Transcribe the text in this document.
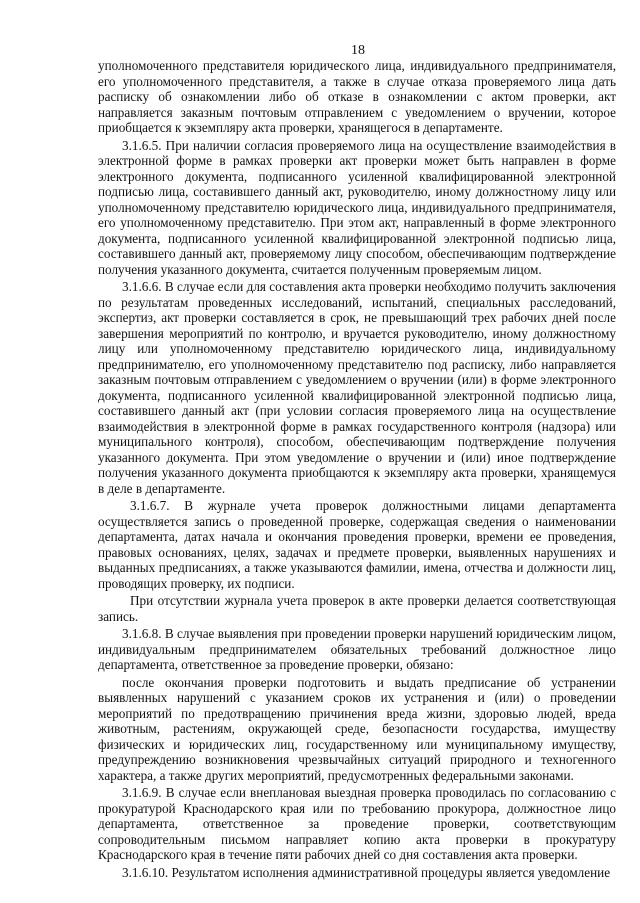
18

уполномоченного представителя юридического лица, индивидуального предпринимателя, его уполномоченного представителя, а также в случае отказа проверяемого лица дать расписку об ознакомлении либо об отказе в ознакомлении с актом проверки, акт направляется заказным почтовым отправлением с уведомлением о вручении, которое приобщается к экземпляру акта проверки, хранящегося в департаменте.

3.1.6.5. При наличии согласия проверяемого лица на осуществление взаимодействия в электронной форме в рамках проверки акт проверки может быть направлен в форме электронного документа, подписанного усиленной квалифицированной электронной подписью лица, составившего данный акт, руководителю, иному должностному лицу или уполномоченному представителю юридического лица, индивидуального предпринимателя, его уполномоченному представителю. При этом акт, направленный в форме электронного документа, подписанного усиленной квалифицированной электронной подписью лица, составившего данный акт, проверяемому лицу способом, обеспечивающим подтверждение получения указанного документа, считается полученным проверяемым лицом.

3.1.6.6. В случае если для составления акта проверки необходимо получить заключения по результатам проведенных исследований, испытаний, специальных расследований, экспертиз, акт проверки составляется в срок, не превышающий трех рабочих дней после завершения мероприятий по контролю, и вручается руководителю, иному должностному лицу или уполномоченному представителю юридического лица, индивидуальному предпринимателю, его уполномоченному представителю под расписку, либо направляется заказным почтовым отправлением с уведомлением о вручении (или) в форме электронного документа, подписанного усиленной квалифицированной электронной подписью лица, составившего данный акт (при условии согласия проверяемого лица на осуществление взаимодействия в электронной форме в рамках государственного контроля (надзора) или муниципального контроля), способом, обеспечивающим подтверждение получения указанного документа. При этом уведомление о вручении и (или) иное подтверждение получения указанного документа приобщаются к экземпляру акта проверки, хранящемуся в деле в департаменте.

3.1.6.7. В журнале учета проверок должностными лицами департамента осуществляется запись о проведенной проверке, содержащая сведения о наименовании департамента, датах начала и окончания проведения проверки, времени ее проведения, правовых основаниях, целях, задачах и предмете проверки, выявленных нарушениях и выданных предписаниях, а также указываются фамилии, имена, отчества и должности лиц, проводящих проверку, их подписи.

При отсутствии журнала учета проверок в акте проверки делается соответствующая запись.

3.1.6.8. В случае выявления при проведении проверки нарушений юридическим лицом, индивидуальным предпринимателем обязательных требований должностное лицо департамента, ответственное за проведение проверки, обязано:

после окончания проверки подготовить и выдать предписание об устранении выявленных нарушений с указанием сроков их устранения и (или) о проведении мероприятий по предотвращению причинения вреда жизни, здоровью людей, вреда животным, растениям, окружающей среде, безопасности государства, имуществу физических и юридических лиц, государственному или муниципальному имуществу, предупреждению возникновения чрезвычайных ситуаций природного и техногенного характера, а также других мероприятий, предусмотренных федеральными законами.

3.1.6.9. В случае если внеплановая выездная проверка проводилась по согласованию с прокуратурой Краснодарского края или по требованию прокурора, должностное лицо департамента, ответственное за проведение проверки, соответствующим сопроводительным письмом направляет копию акта проверки в прокуратуру Краснодарского края в течение пяти рабочих дней со дня составления акта проверки.

3.1.6.10. Результатом исполнения административной процедуры является уведомление
